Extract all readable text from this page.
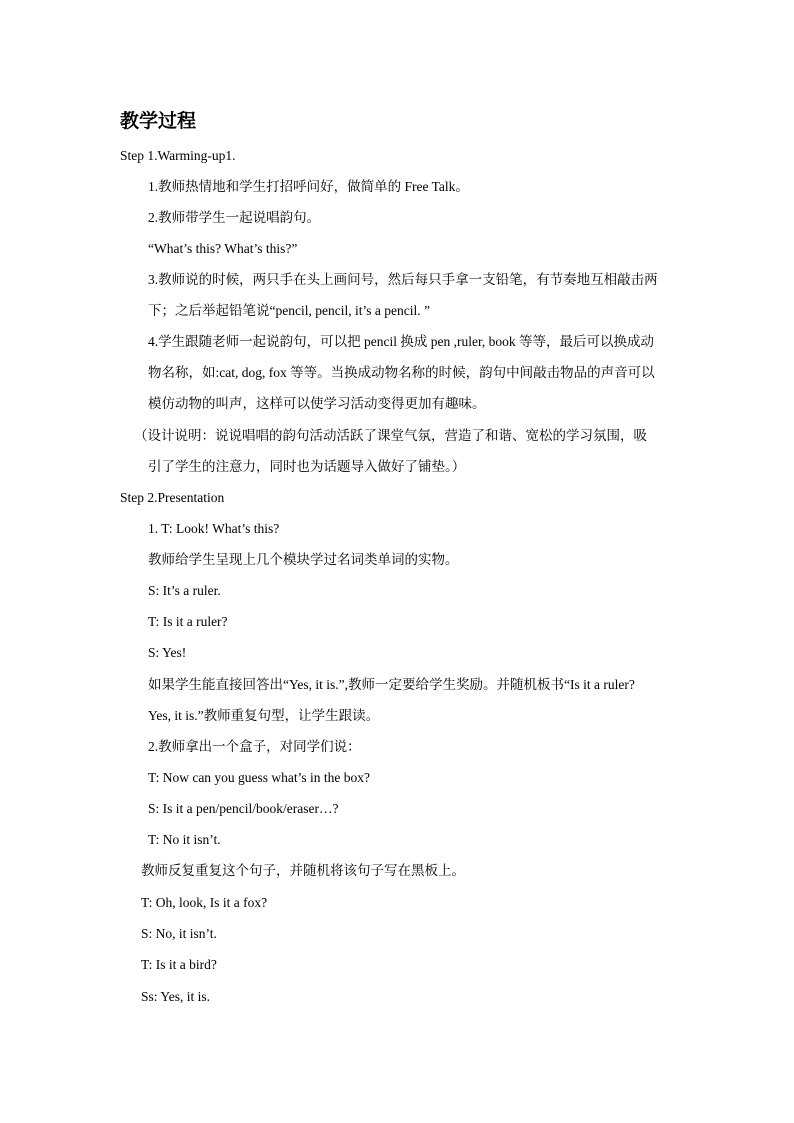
教学过程
Step 1.Warming-up1.
1.教师热情地和学生打招呼问好，做简单的 Free Talk。
2.教师带学生一起说唱韵句。
“What’s this? What’s this?”
3.教师说的时候，两只手在头上画问号，然后每只手拿一支铅笔，有节奏地互相敲击两
下；之后举起铅笔说“pencil, pencil, it’s a pencil. ”
4.学生跟随老师一起说韵句，可以把 pencil 换成 pen ,ruler, book 等等，最后可以换成动
物名称，如:cat, dog, fox 等等。当换成动物名称的时候，韵句中间敲击物品的声音可以
模仿动物的叫声，这样可以使学习活动变得更加有趣味。
（设计说明：说说唱唱的韵句活动活跃了课堂气氛，营造了和谐、宽松的学习氛围，吸
引了学生的注意力，同时也为话题导入做好了铺垫。）
Step 2.Presentation
1. T: Look! What’s this?
教师给学生呈现上几个模块学过名词类单词的实物。
S: It’s a ruler.
T: Is it a ruler?
S: Yes!
如果学生能直接回答出“Yes, it is.”,教师一定要给学生奖励。并随机板书“Is it a ruler?
Yes, it is.”教师重复句型，让学生跟读。
2.教师拿出一个盒子，对同学们说：
T: Now can you guess what’s in the box?
S: Is it a pen/pencil/book/eraser…?
T: No it isn’t.
教师反复重复这个句子，并随机将该句子写在黑板上。
T: Oh, look, Is it a fox?
S: No, it isn’t.
T: Is it a bird?
Ss: Yes, it is.
